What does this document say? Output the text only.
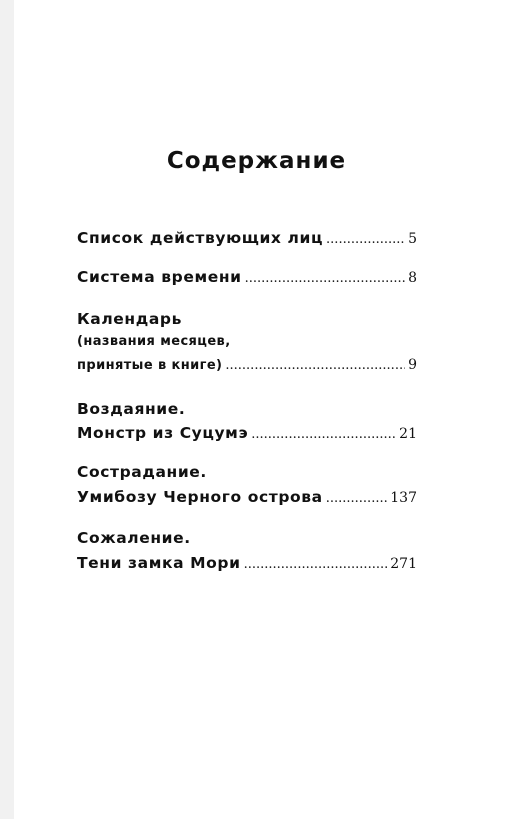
Содержание
Список действующих лиц .....	5
Система времени .....	8
Календарь
(названия месяцев,
принятые в книге) .....	9
Воздаяние.
Монстр из Суцумэ .....	21
Сострадание.
Умибозу Черного острова .....	137
Сожаление.
Тени замка Мори .....	271
